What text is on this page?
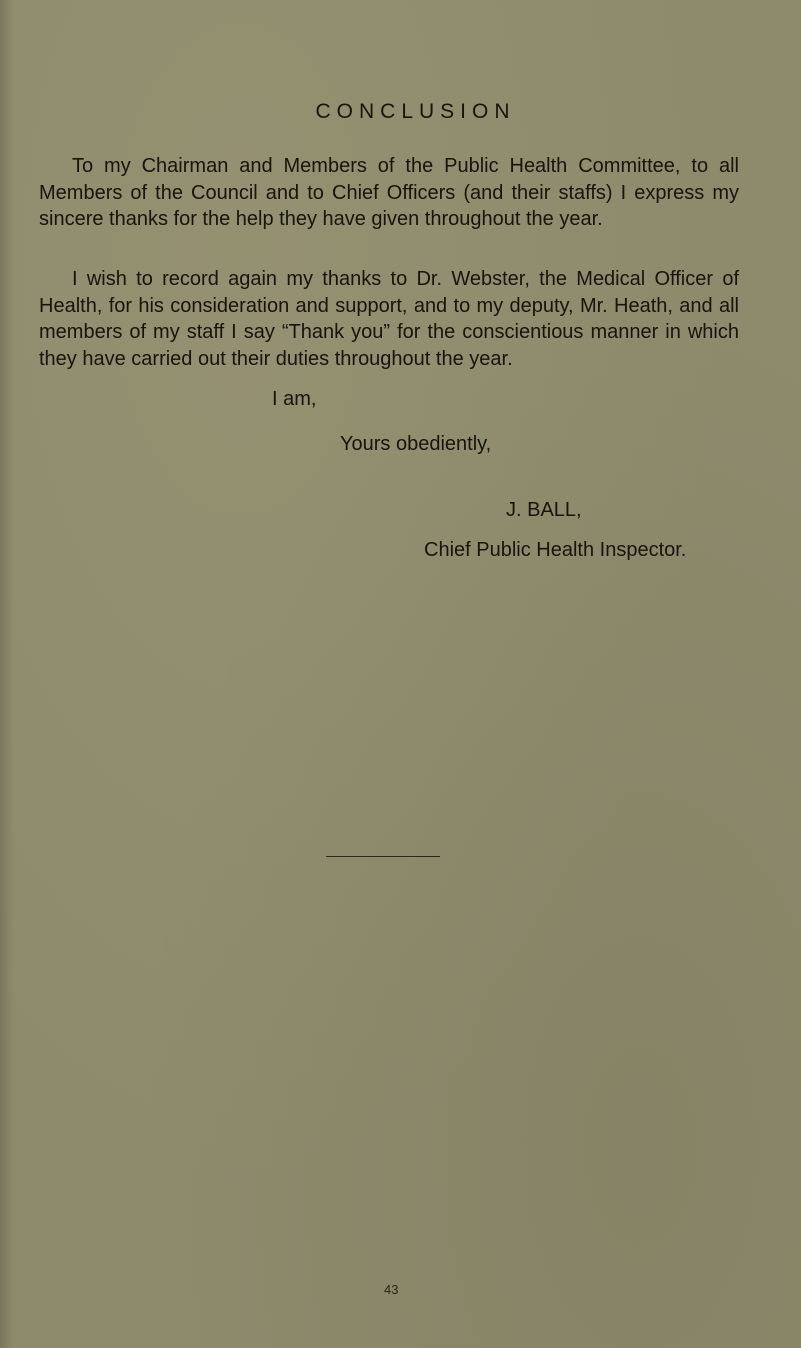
CONCLUSION

To my Chairman and Members of the Public Health Committee, to all Members of the Council and to Chief Officers (and their staffs) I express my sincere thanks for the help they have given throughout the year.

I wish to record again my thanks to Dr. Webster, the Medical Officer of Health, for his consideration and support, and to my deputy, Mr. Heath, and all members of my staff I say “Thank you” for the conscientious manner in which they have carried out their duties throughout the year.

I am,
Yours obediently,
J. BALL,
Chief Public Health Inspector.
43
